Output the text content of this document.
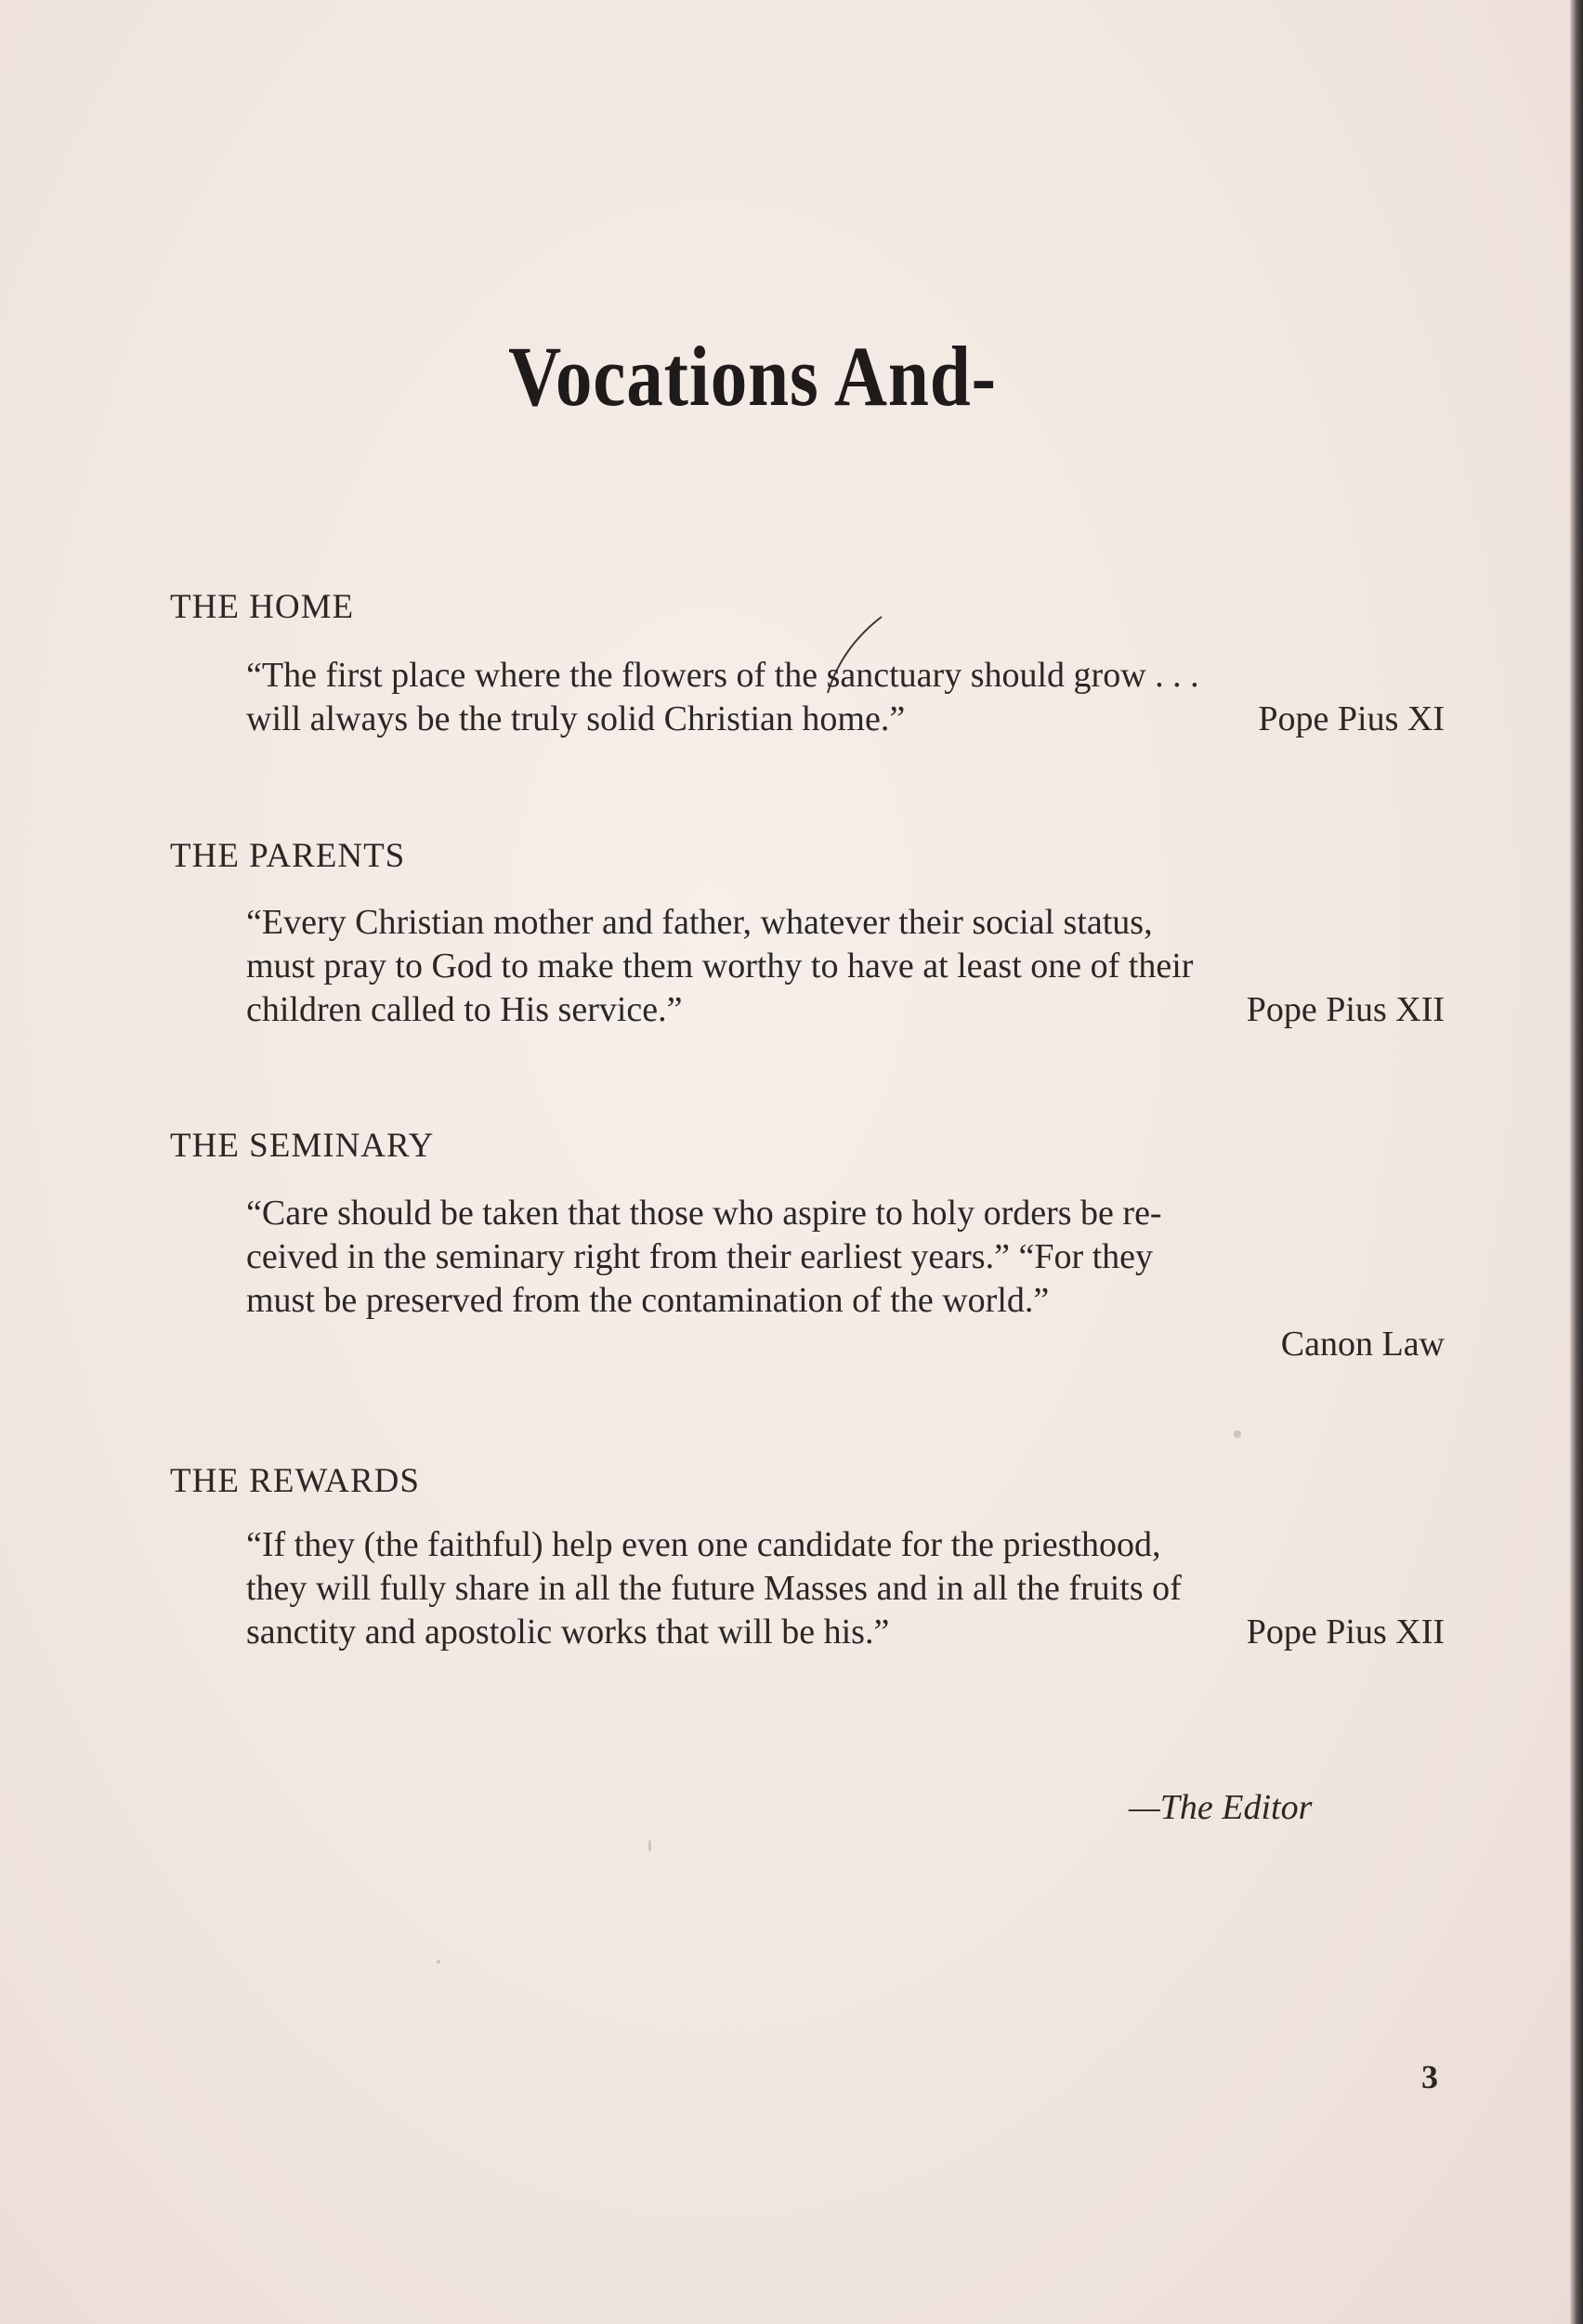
Vocations And-
THE HOME
“The first place where the flowers of the sanctuary should grow . . .
will always be the truly solid Christian home.”	Pope Pius XI
THE PARENTS
“Every Christian mother and father, whatever their social status,
must pray to God to make them worthy to have at least one of their
children called to His service.”	Pope Pius XII
THE SEMINARY
“Care should be taken that those who aspire to holy orders be re-
ceived in the seminary right from their earliest years.” “For they
must be preserved from the contamination of the world.”
Canon Law
THE REWARDS
“If they (the faithful) help even one candidate for the priesthood,
they will fully share in all the future Masses and in all the fruits of
sanctity and apostolic works that will be his.”	Pope Pius XII
—The Editor
3
